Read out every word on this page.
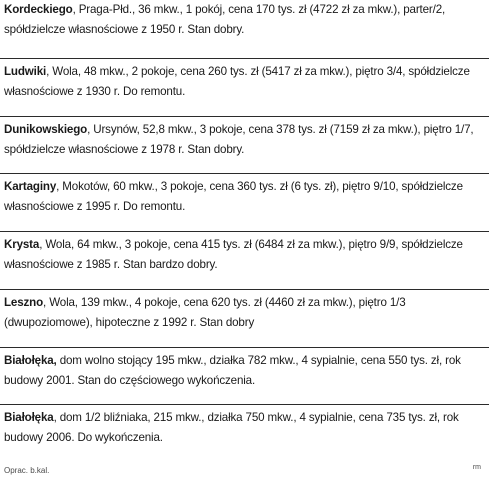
Kordeckiego, Praga-Płd., 36 mkw., 1 pokój, cena 170 tys. zł (4722 zł za mkw.), parter/2, spółdzielcze własnościowe z 1950 r. Stan dobry.
Ludwiki, Wola, 48 mkw., 2 pokoje, cena 260 tys. zł (5417 zł za mkw.), piętro 3/4, spółdzielcze własnościowe z 1930 r. Do remontu.
Dunikowskiego, Ursynów, 52,8 mkw., 3 pokoje, cena 378 tys. zł (7159 zł za mkw.), piętro 1/7, spółdzielcze własnościowe z 1978 r. Stan dobry.
Kartaginy, Mokotów, 60 mkw., 3 pokoje, cena 360 tys. zł (6 tys. zł), piętro 9/10, spółdzielcze własnościowe z 1995 r. Do remontu.
Krysta, Wola, 64 mkw., 3 pokoje, cena 415 tys. zł (6484 zł za mkw.), piętro 9/9, spółdzielcze własnościowe z 1985 r. Stan bardzo dobry.
Leszno, Wola, 139 mkw., 4 pokoje, cena 620 tys. zł (4460 zł za mkw.), piętro 1/3 (dwupoziomowe), hipoteczne z 1992 r. Stan dobry
Białołęka, dom wolno stojący 195 mkw., działka 782 mkw., 4 sypialnie, cena 550 tys. zł, rok budowy 2001. Stan do częściowego wykończenia.
Białołęka, dom 1/2 bliźniaka, 215 mkw., działka 750 mkw., 4 sypialnie, cena 735 tys. zł, rok budowy 2006. Do wykończenia.
Oprac. b.kal.	rm
